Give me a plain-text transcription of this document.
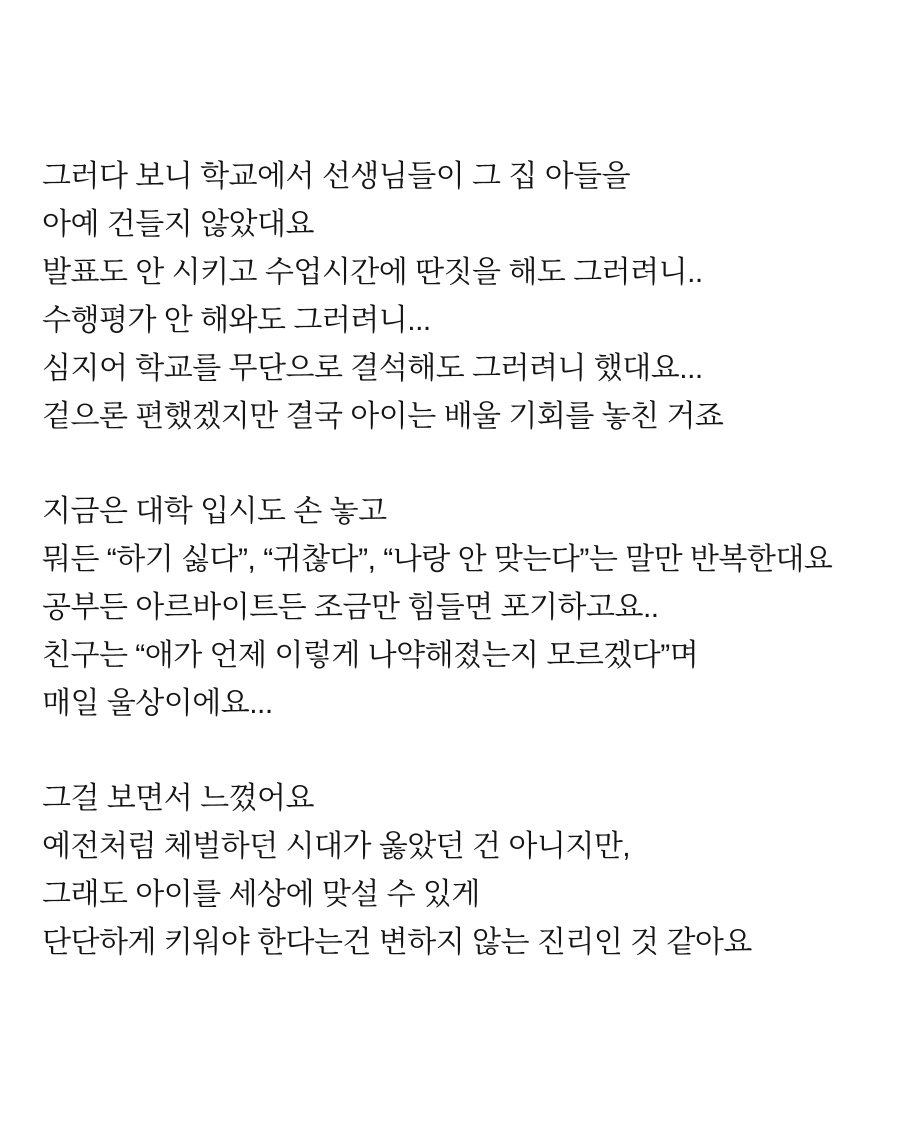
그러다 보니 학교에서 선생님들이 그 집 아들을
아예 건들지 않았대요
발표도 안 시키고 수업시간에 딴짓을 해도 그러려니..
수행평가 안 해와도 그러려니...
심지어 학교를 무단으로 결석해도 그러려니 했대요...
겉으론 편했겠지만 결국 아이는 배울 기회를 놓친 거죠
지금은 대학 입시도 손 놓고
뭐든 “하기 싫다”, “귀찮다”, “나랑 안 맞는다”는 말만 반복한대요
공부든 아르바이트든 조금만 힘들면 포기하고요..
친구는 “애가 언제 이렇게 나약해졌는지 모르겠다”며
매일 울상이에요...
그걸 보면서 느꼈어요
예전처럼 체벌하던 시대가 옳았던 건 아니지만,
그래도 아이를 세상에 맞설 수 있게
단단하게 키워야 한다는건 변하지 않는 진리인 것 같아요
